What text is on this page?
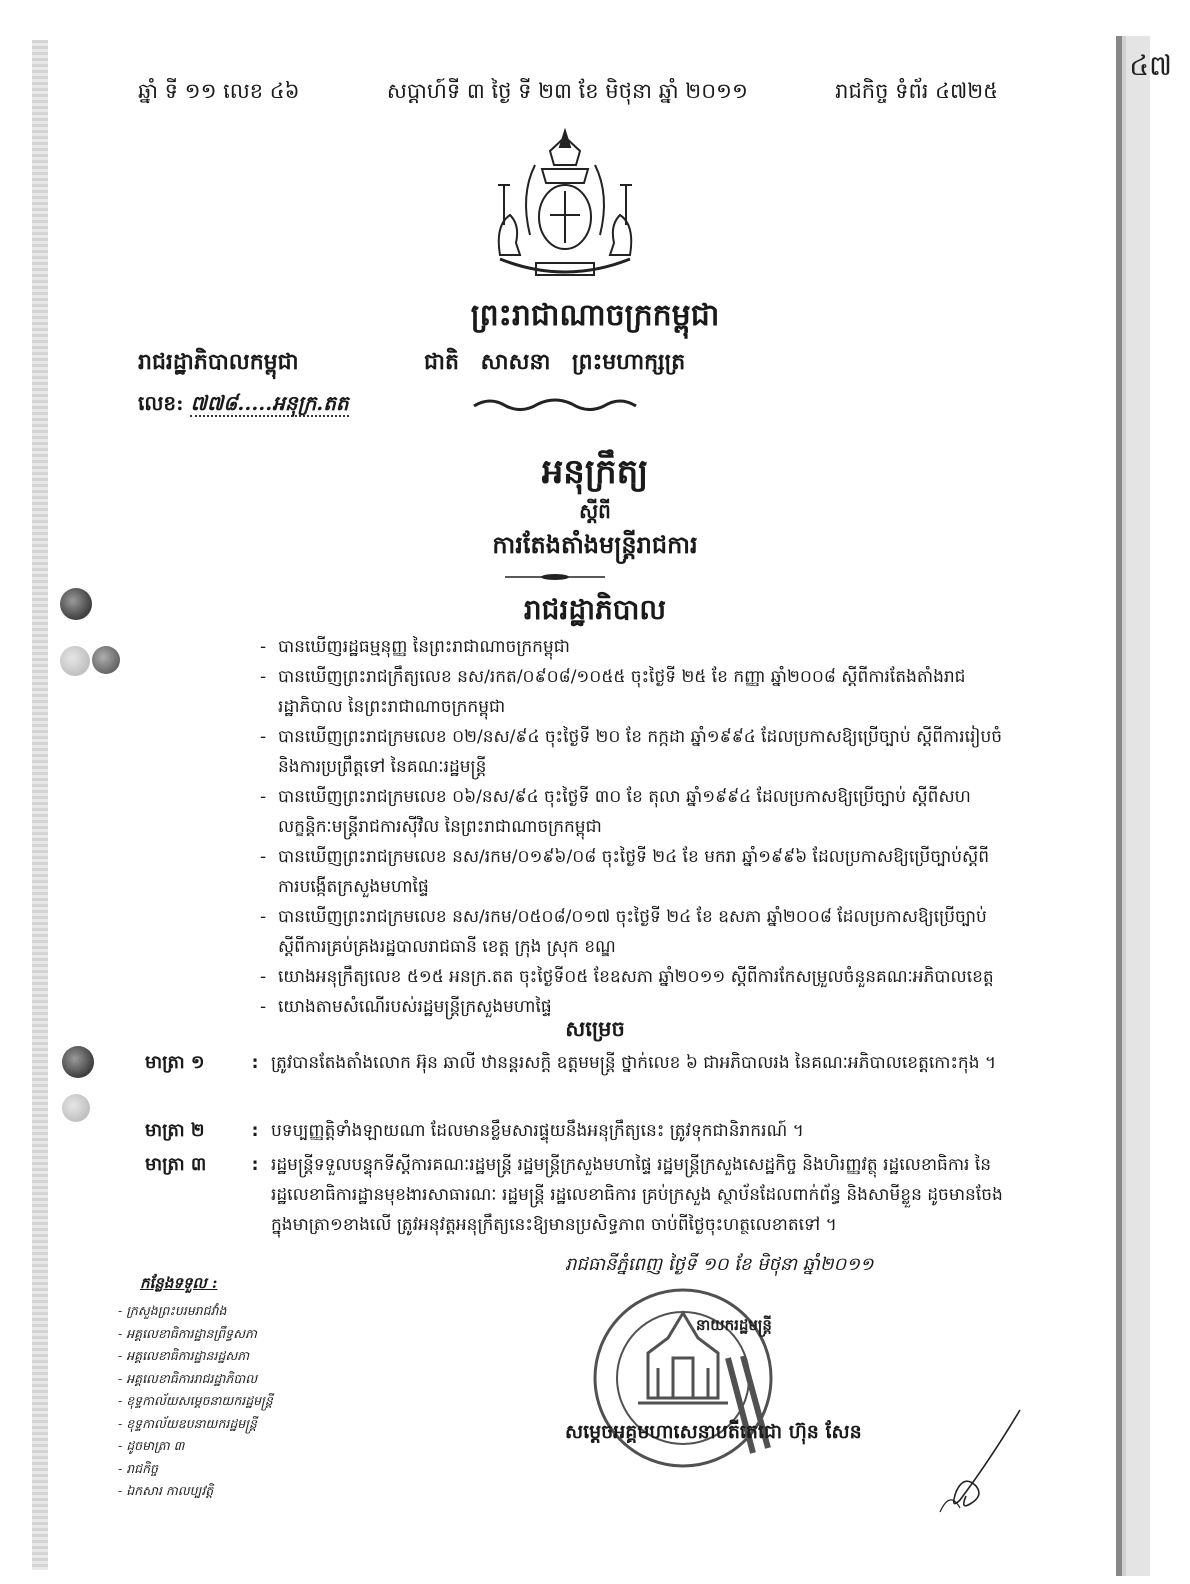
៤៧
ឆ្នាំ ទី ១១ លេខ ៤៦	សប្តាហ៍ទី ៣ ថ្ងៃ ទី ២៣ ខែ មិថុនា ឆ្នាំ ២០១១	រាជកិច្ច ទំព័រ ៤៧២៥
ព្រះរាជាណាចក្រកម្ពុជា
រាជរដ្ឋាភិបាលកម្ពុជា	ជាតិ សាសនា ព្រះមហាក្សត្រ
លេខ: ៧៧៨.....អនុក្រ.តត
អនុក្រឹត្យ
ស្តីពី
ការតែងតាំងមន្ត្រីរាជការ
រាជរដ្ឋាភិបាល
- បានឃើញរដ្ឋធម្មនុញ្ញ នៃព្រះរាជាណាចក្រកម្ពុជា
- បានឃើញព្រះរាជក្រឹត្យលេខ នស/រកត/០៩០៨/១០៥៥ ចុះថ្ងៃទី ២៥ ខែ កញ្ញា ឆ្នាំ២០០៨ ស្តីពីការតែងតាំងរាជរដ្ឋាភិបាល នៃព្រះរាជាណាចក្រកម្ពុជា
- បានឃើញព្រះរាជក្រមលេខ ០២/នស/៩៤ ចុះថ្ងៃទី ២០ ខែ កក្កដា ឆ្នាំ១៩៩៤ ដែលប្រកាសឱ្យប្រើច្បាប់ ស្តីពីការរៀបចំ និងការប្រព្រឹត្តទៅ នៃគណៈរដ្ឋមន្ត្រី
- បានឃើញព្រះរាជក្រមលេខ ០៦/នស/៩៤ ចុះថ្ងៃទី ៣០ ខែ តុលា ឆ្នាំ១៩៩៤ ដែលប្រកាសឱ្យប្រើច្បាប់ ស្តីពីសហលក្ខន្តិកៈមន្ត្រីរាជការស៊ីវិល នៃព្រះរាជាណាចក្រកម្ពុជា
- បានឃើញព្រះរាជក្រមលេខ នស/រកម/០១៩៦/០៨ ចុះថ្ងៃទី ២៤ ខែ មករា ឆ្នាំ១៩៩៦ ដែលប្រកាសឱ្យប្រើច្បាប់ស្តីពីការបង្កើតក្រសួងមហាផ្ទៃ
- បានឃើញព្រះរាជក្រមលេខ នស/រកម/០៥០៨/០១៧ ចុះថ្ងៃទី ២៤ ខែ ឧសភា ឆ្នាំ២០០៨ ដែលប្រកាសឱ្យប្រើច្បាប់ស្តីពីការគ្រប់គ្រងរដ្ឋបាលរាជធានី ខេត្ត ក្រុង ស្រុក ខណ្ឌ
- យោងអនុក្រឹត្យលេខ ៥១៥ អនក្រ.តត ចុះថ្ងៃទី០៥ ខែឧសភា ឆ្នាំ២០១១ ស្តីពីការកែសម្រួលចំនួនគណៈអភិបាលខេត្ត
- យោងតាមសំណើរបស់រដ្ឋមន្ត្រីក្រសួងមហាផ្ទៃ
សម្រេច
មាត្រា ១	: ត្រូវបានតែងតាំងលោក អ៊ុន ឆាលី ឋានន្តរសក្តិ ឧត្តមមន្ត្រី ថ្នាក់លេខ ៦ ជាអភិបាលរង នៃគណៈអភិបាលខេត្តកោះកុង ។
មាត្រា ២	: បទប្បញ្ញត្តិទាំងឡាយណា ដែលមានខ្លឹមសារផ្ទុយនឹងអនុក្រឹត្យនេះ ត្រូវទុកជានិរាករណ៍ ។
មាត្រា ៣	: រដ្ឋមន្ត្រីទទួលបន្ទុកទីស្តីការគណៈរដ្ឋមន្ត្រី រដ្ឋមន្ត្រីក្រសួងមហាផ្ទៃ រដ្ឋមន្ត្រីក្រសួងសេដ្ឋកិច្ច និងហិរញ្ញវត្ថុ រដ្ឋលេខាធិការ នៃរដ្ឋលេខាធិការដ្ឋានមុខងារសាធារណៈ រដ្ឋមន្ត្រី រដ្ឋលេខាធិការ គ្រប់ក្រសួង ស្ថាប័នដែលពាក់ព័ន្ធ និងសាមីខ្លួន ដូចមានចែងក្នុងមាត្រា១ខាងលើ ត្រូវអនុវត្តអនុក្រឹត្យនេះឱ្យមានប្រសិទ្ធភាព ចាប់ពីថ្ងៃចុះហត្ថលេខាតទៅ ។
រាជធានីភ្នំពេញ ថ្ងៃទី ១០ ខែ មិថុនា ឆ្នាំ២០១១
នាយករដ្ឋមន្ត្រី
សម្តេចអគ្គមហាសេនាបតីតេជោ ហ៊ុន សែន
កន្លែងទទួល :
- ក្រសួងព្រះបរមរាជវាំង
- អគ្គលេខាធិការដ្ឋានព្រឹទ្ធសភា
- អគ្គលេខាធិការដ្ឋានរដ្ឋសភា
- អគ្គលេខាធិការរាជរដ្ឋាភិបាល
- ខុទ្ទកាល័យសម្តេចនាយករដ្ឋមន្ត្រី
- ខុទ្ទកាល័យឧបនាយករដ្ឋមន្ត្រី
- ដូចមាត្រា ៣
- រាជកិច្ច
- ឯកសារ កាលប្បវត្តិ
